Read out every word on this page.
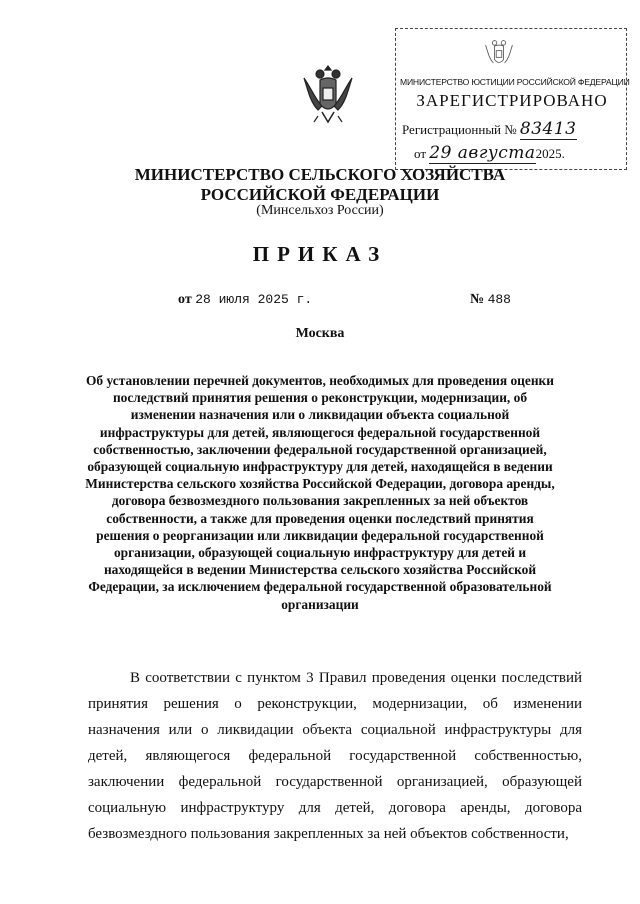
МИНИСТЕРСТВО ЮСТИЦИИ РОССИЙСКОЙ ФЕДЕРАЦИИ
ЗАРЕГИСТРИРОВАНО
Регистрационный № 83413
от 29 августа2025.
МИНИСТЕРСТВО СЕЛЬСКОГО ХОЗЯЙСТВА
РОССИЙСКОЙ ФЕДЕРАЦИИ
(Минсельхоз России)
ПРИКАЗ
от 28 июля 2025 г.	№ 488
Москва
Об установлении перечней документов, необходимых для проведения оценки последствий принятия решения о реконструкции, модернизации, об изменении назначения или о ликвидации объекта социальной инфраструктуры для детей, являющегося федеральной государственной собственностью, заключении федеральной государственной организацией, образующей социальную инфраструктуру для детей, находящейся в ведении Министерства сельского хозяйства Российской Федерации, договора аренды, договора безвозмездного пользования закрепленных за ней объектов собственности, а также для проведения оценки последствий принятия решения о реорганизации или ликвидации федеральной государственной организации, образующей социальную инфраструктуру для детей и находящейся в ведении Министерства сельского хозяйства Российской Федерации, за исключением федеральной государственной образовательной организации
В соответствии с пунктом 3 Правил проведения оценки последствий принятия решения о реконструкции, модернизации, об изменении назначения или о ликвидации объекта социальной инфраструктуры для детей, являющегося федеральной государственной собственностью, заключении федеральной государственной организацией, образующей социальную инфраструктуру для детей, договора аренды, договора безвозмездного пользования закрепленных за ней объектов собственности,
